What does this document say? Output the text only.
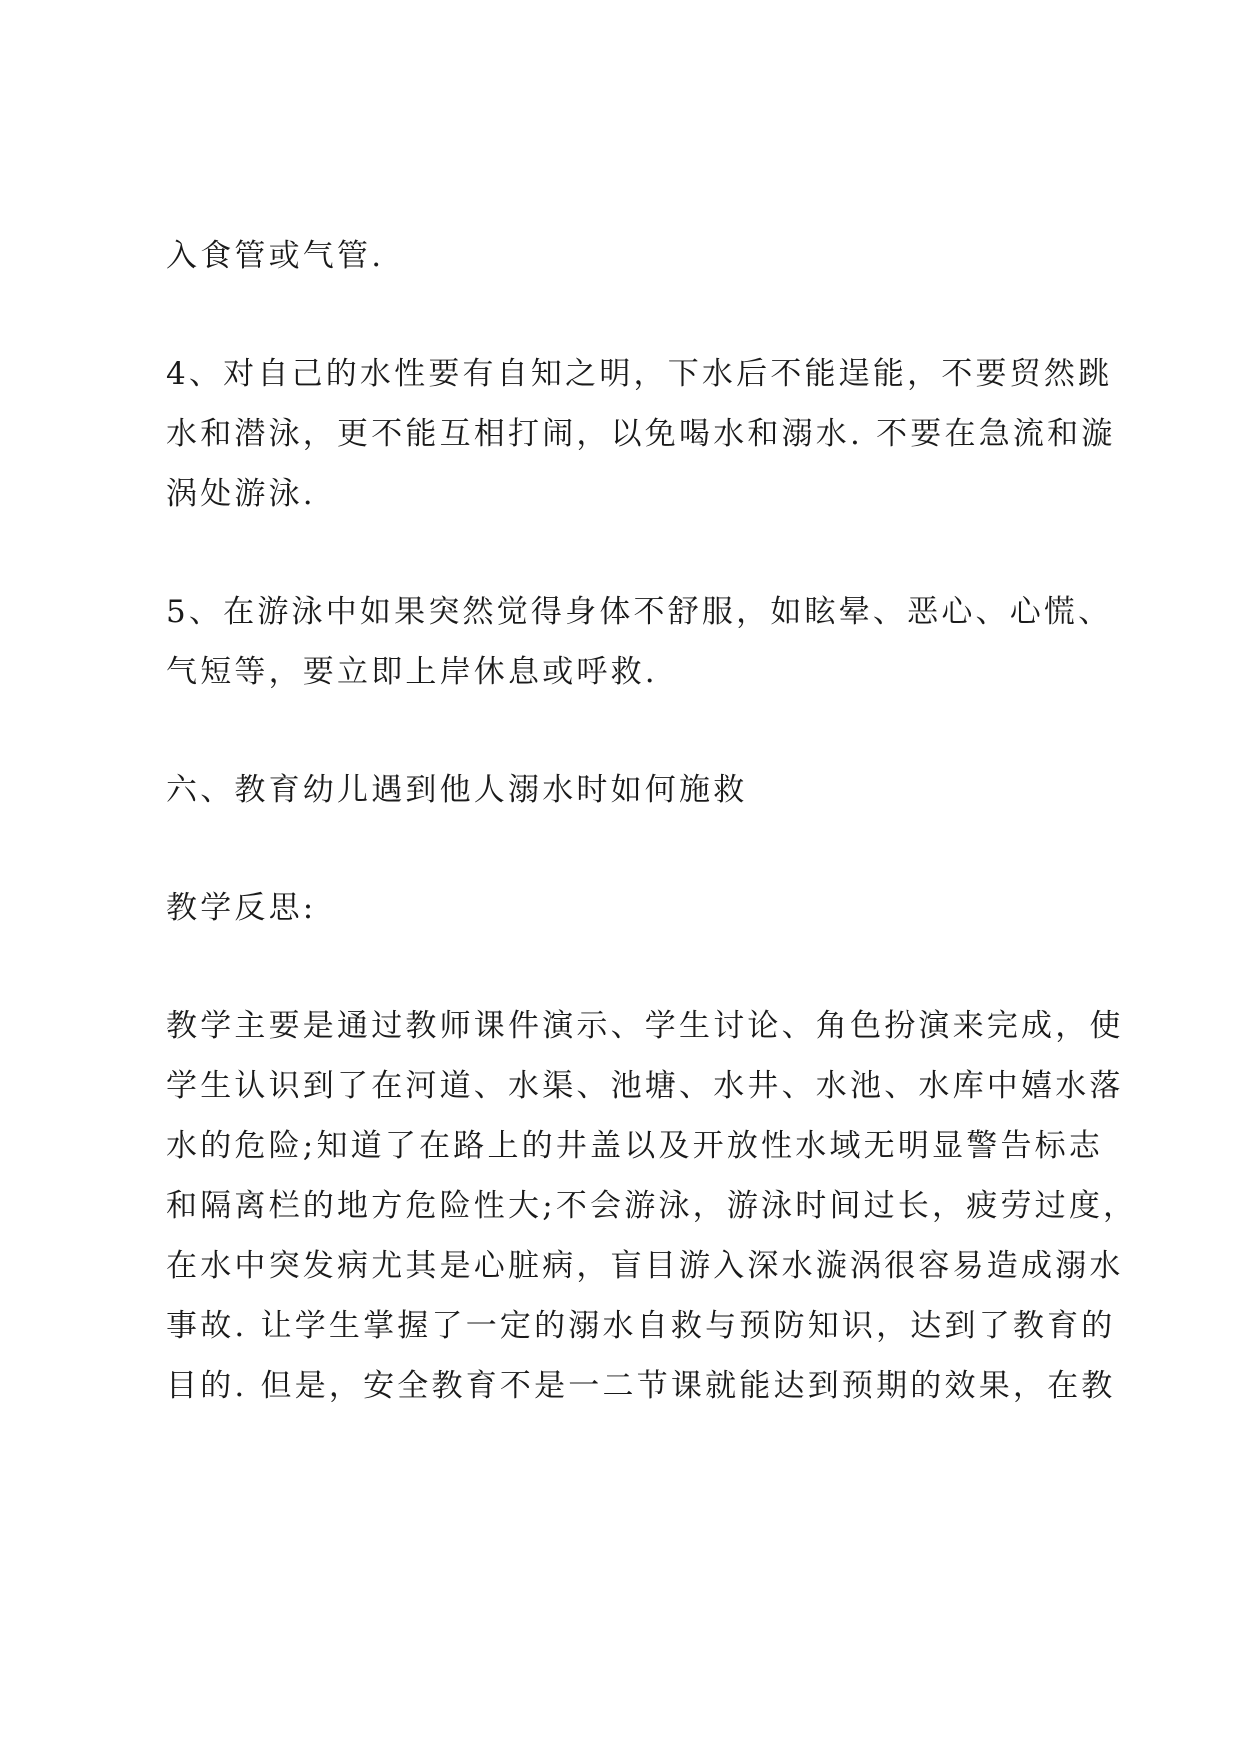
入食管或气管.

4、对自己的水性要有自知之明，下水后不能逞能，不要贸然跳
水和潜泳，更不能互相打闹，以免喝水和溺水. 不要在急流和漩
涡处游泳.

5、在游泳中如果突然觉得身体不舒服，如眩晕、恶心、心慌、
气短等，要立即上岸休息或呼救.

六、教育幼儿遇到他人溺水时如何施救

教学反思:

教学主要是通过教师课件演示、学生讨论、角色扮演来完成，使
学生认识到了在河道、水渠、池塘、水井、水池、水库中嬉水落
水的危险;知道了在路上的井盖以及开放性水域无明显警告标志
和隔离栏的地方危险性大;不会游泳，游泳时间过长，疲劳过度，
在水中突发病尤其是心脏病，盲目游入深水漩涡很容易造成溺水
事故. 让学生掌握了一定的溺水自救与预防知识，达到了教育的
目的. 但是，安全教育不是一二节课就能达到预期的效果，在教
